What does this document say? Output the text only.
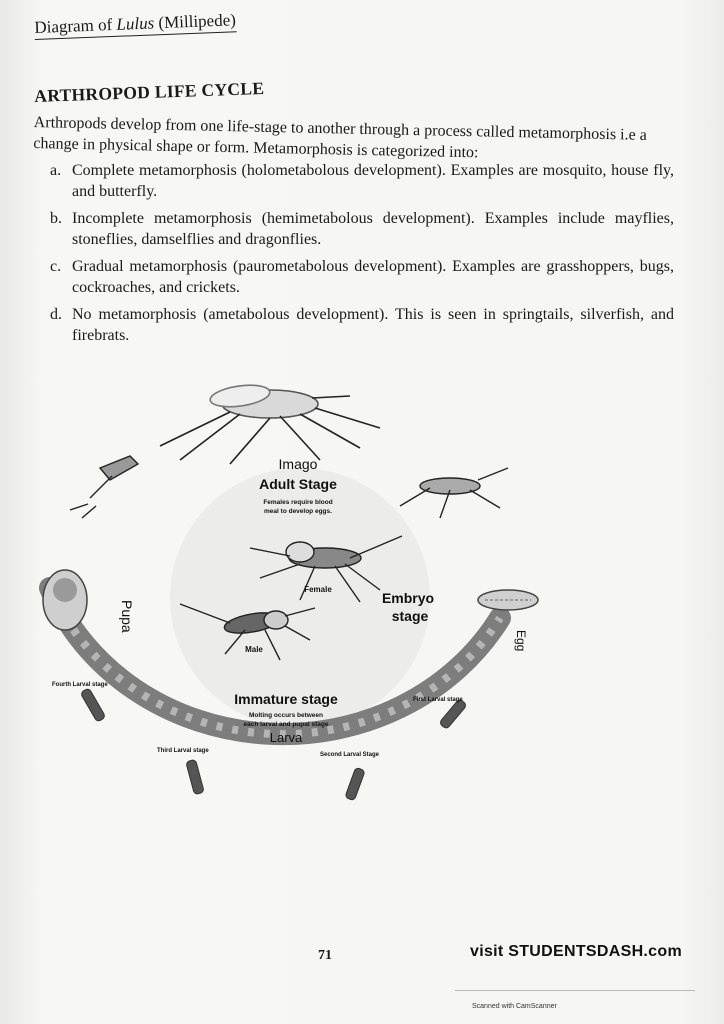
Diagram of Lulus (Millipede)
ARTHROPOD LIFE CYCLE

Arthropods develop from one life-stage to another through a process called metamorphosis i.e a change in physical shape or form. Metamorphosis is categorized into:

a. Complete metamorphosis (holometabolous development). Examples are mosquito, house fly, and butterfly.
b. Incomplete metamorphosis (hemimetabolous development). Examples include mayflies, stoneflies, damselflies and dragonflies.
c. Gradual metamorphosis (paurometabolous development). Examples are grasshoppers, bugs, cockroaches, and crickets.
d. No metamorphosis (ametabolous development). This is seen in springtails, silverfish, and firebrats.
Imago
Adult Stage
Females require blood
meal to develop eggs.
Female
Male
Embryo
stage
Egg
Pupa
Immature stage
Molting occurs between
each larval and pupal stage
Larva
First Larval stage
Second Larval Stage
Third Larval stage
Fourth Larval stage
71	visit STUDENTSDASH.com
Scanned with CamScanner
